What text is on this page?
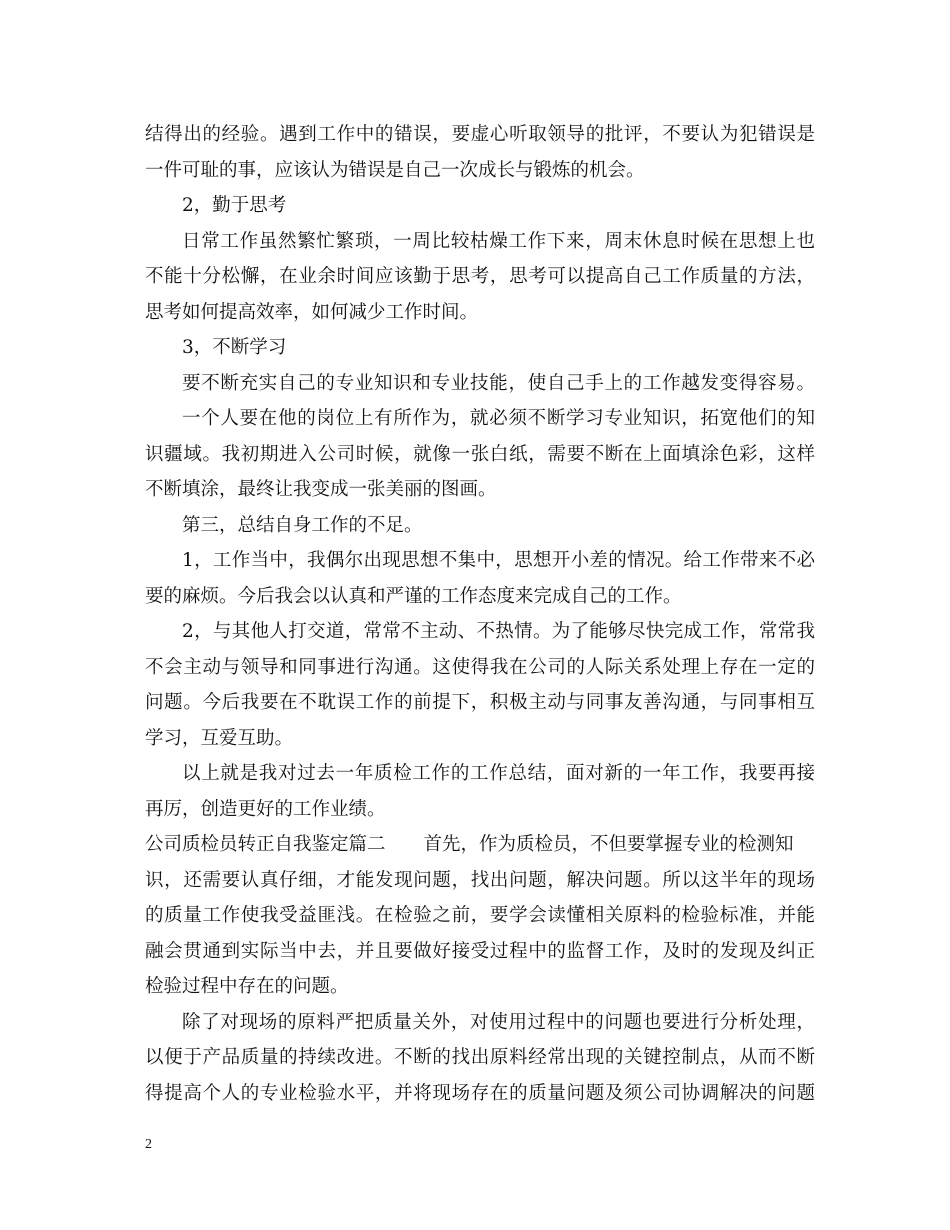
结得出的经验。遇到工作中的错误，要虚心听取领导的批评，不要认为犯错误是
一件可耻的事，应该认为错误是自己一次成长与锻炼的机会。
2，勤于思考
日常工作虽然繁忙繁琐，一周比较枯燥工作下来，周末休息时候在思想上也
不能十分松懈，在业余时间应该勤于思考，思考可以提高自己工作质量的方法，
思考如何提高效率，如何减少工作时间。
3，不断学习
要不断充实自己的专业知识和专业技能，使自己手上的工作越发变得容易。
一个人要在他的岗位上有所作为，就必须不断学习专业知识，拓宽他们的知
识疆域。我初期进入公司时候，就像一张白纸，需要不断在上面填涂色彩，这样
不断填涂，最终让我变成一张美丽的图画。
第三，总结自身工作的不足。
1，工作当中，我偶尔出现思想不集中，思想开小差的情况。给工作带来不必
要的麻烦。今后我会以认真和严谨的工作态度来完成自己的工作。
2，与其他人打交道，常常不主动、不热情。为了能够尽快完成工作，常常我
不会主动与领导和同事进行沟通。这使得我在公司的人际关系处理上存在一定的
问题。今后我要在不耽误工作的前提下，积极主动与同事友善沟通，与同事相互
学习，互爱互助。
以上就是我对过去一年质检工作的工作总结，面对新的一年工作，我要再接
再厉，创造更好的工作业绩。
公司质检员转正自我鉴定篇二 首先，作为质检员，不但要掌握专业的检测知
识，还需要认真仔细，才能发现问题，找出问题，解决问题。所以这半年的现场
的质量工作使我受益匪浅。在检验之前，要学会读懂相关原料的检验标准，并能
融会贯通到实际当中去，并且要做好接受过程中的监督工作，及时的发现及纠正
检验过程中存在的问题。
除了对现场的原料严把质量关外，对使用过程中的问题也要进行分析处理，
以便于产品质量的持续改进。不断的找出原料经常出现的关键控制点，从而不断
得提高个人的专业检验水平，并将现场存在的质量问题及须公司协调解决的问题
2
